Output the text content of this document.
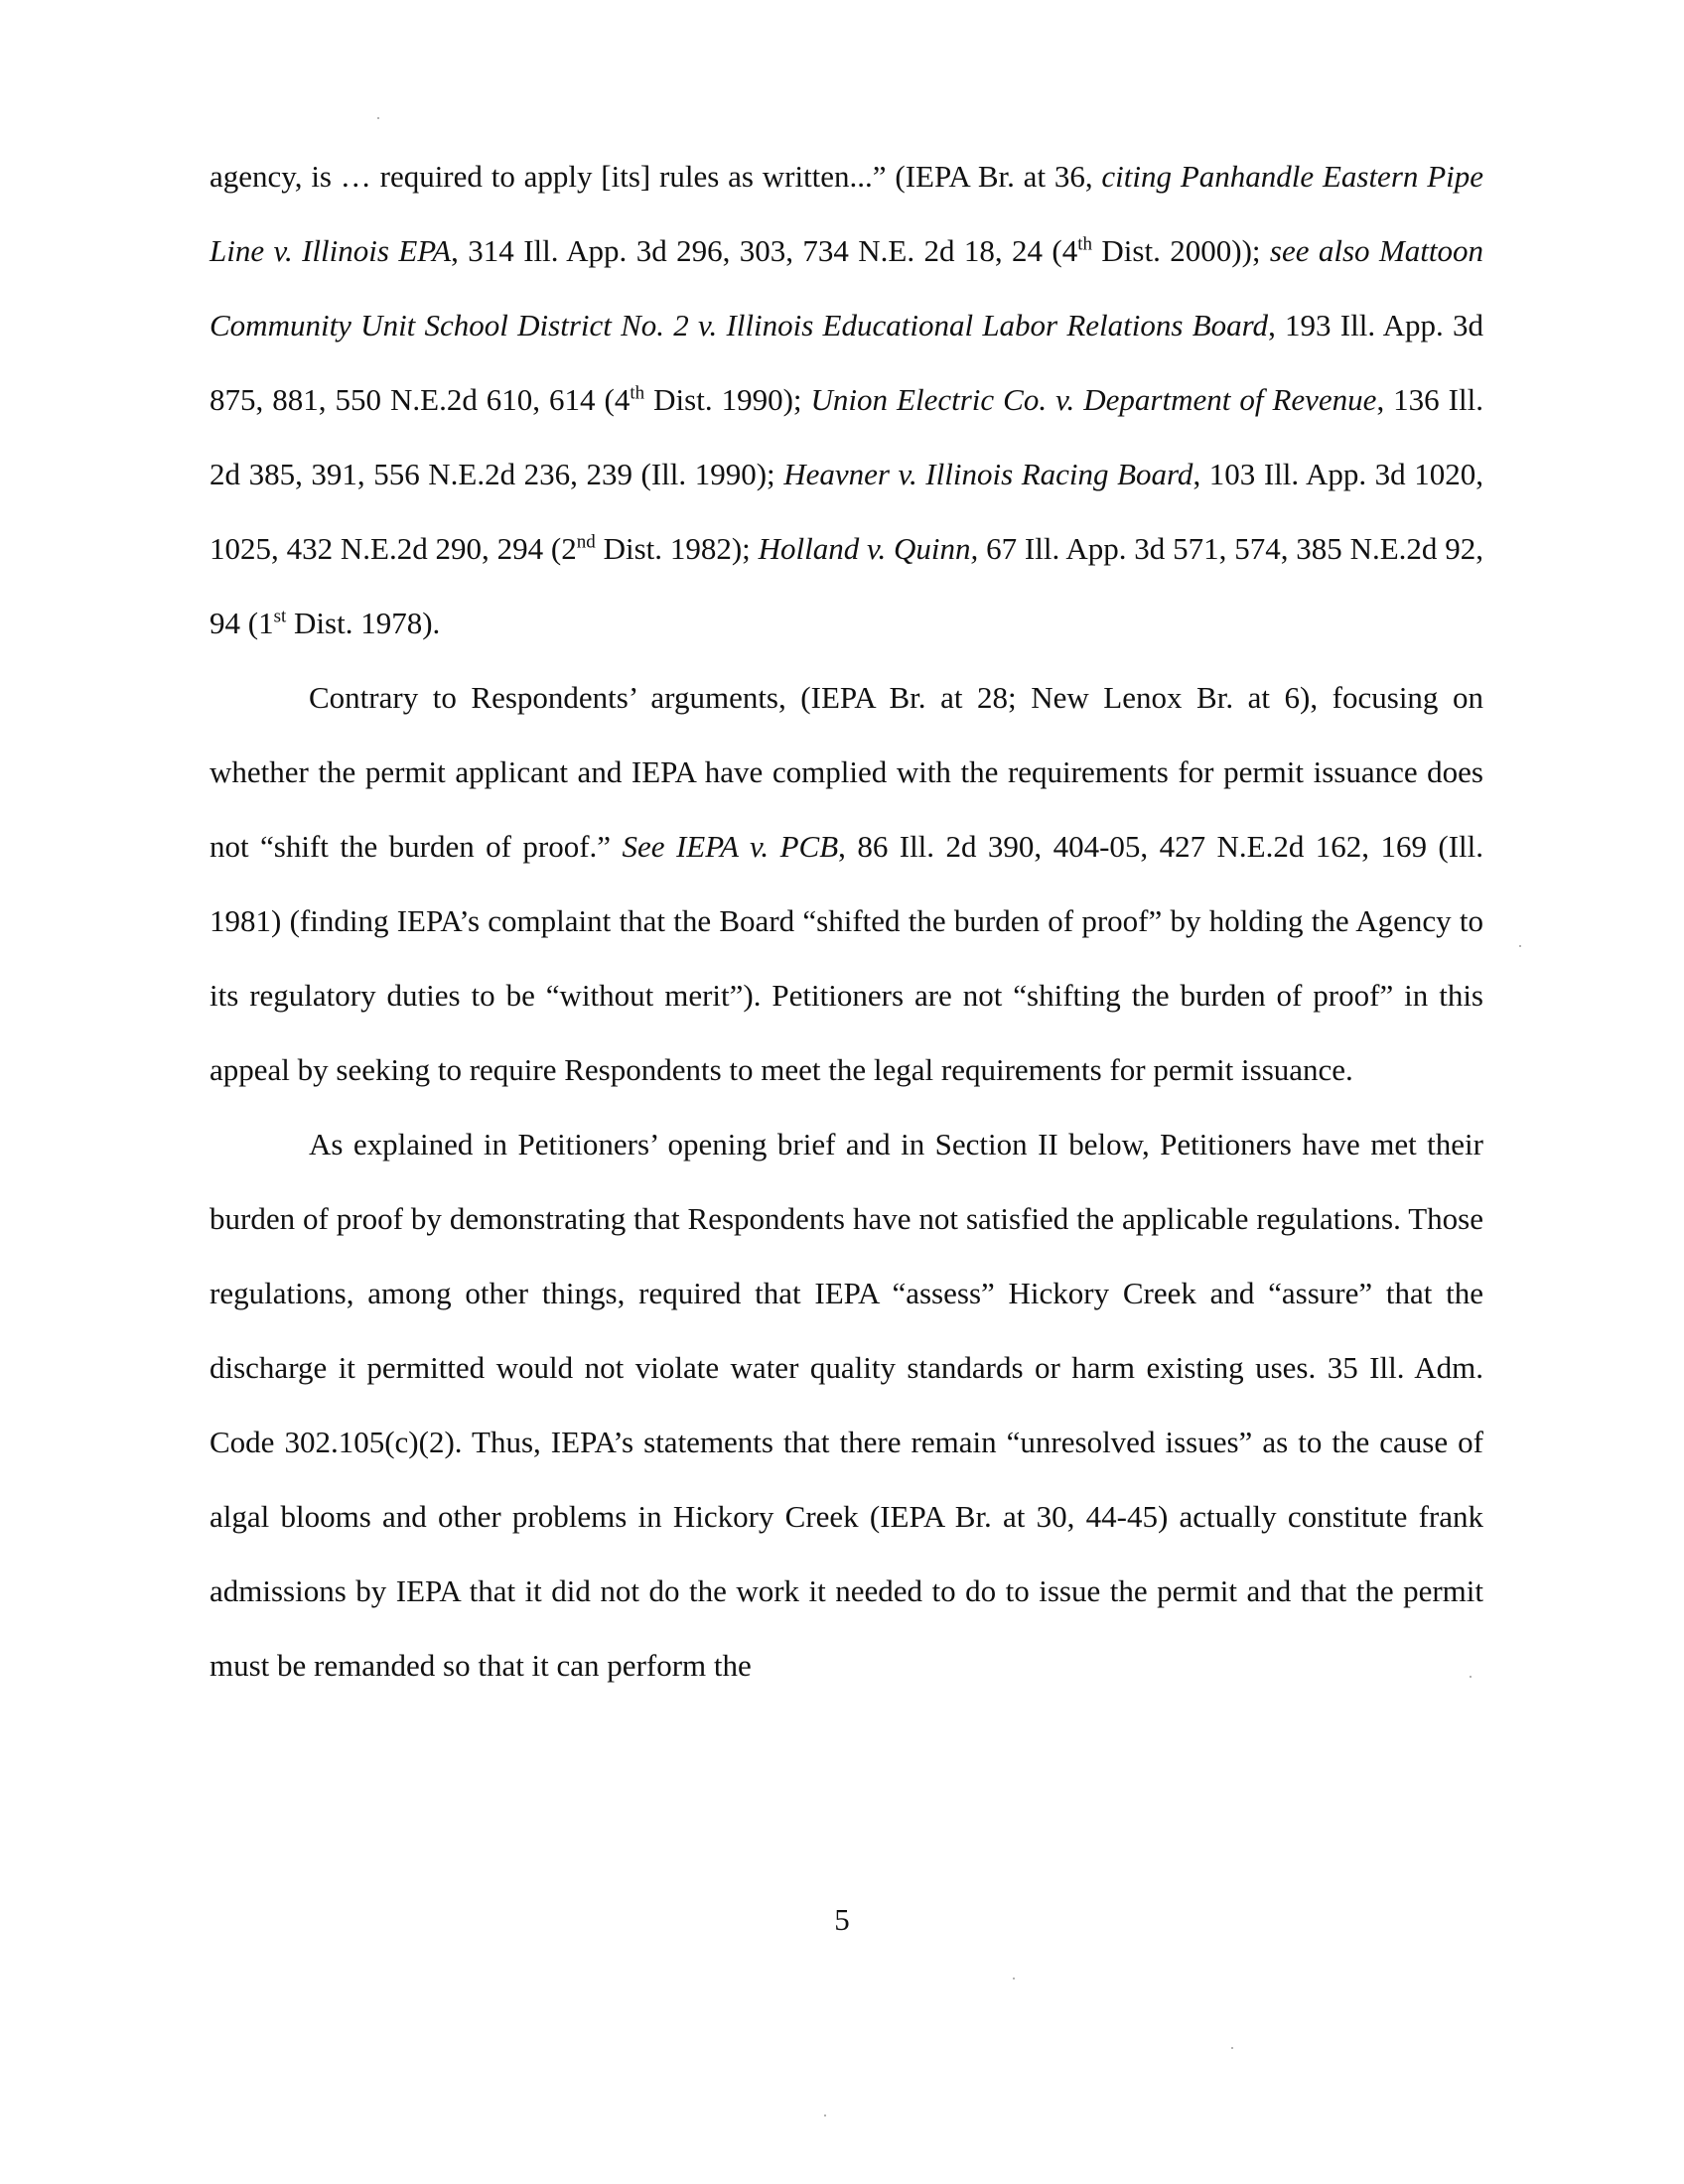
agency, is … required to apply [its] rules as written...” (IEPA Br. at 36, citing Panhandle Eastern Pipe Line v. Illinois EPA, 314 Ill. App. 3d 296, 303, 734 N.E. 2d 18, 24 (4th Dist. 2000)); see also Mattoon Community Unit School District No. 2 v. Illinois Educational Labor Relations Board, 193 Ill. App. 3d 875, 881, 550 N.E.2d 610, 614 (4th Dist. 1990); Union Electric Co. v. Department of Revenue, 136 Ill. 2d 385, 391, 556 N.E.2d 236, 239 (Ill. 1990); Heavner v. Illinois Racing Board, 103 Ill. App. 3d 1020, 1025, 432 N.E.2d 290, 294 (2nd Dist. 1982); Holland v. Quinn, 67 Ill. App. 3d 571, 574, 385 N.E.2d 92, 94 (1st Dist. 1978).

Contrary to Respondents’ arguments, (IEPA Br. at 28; New Lenox Br. at 6), focusing on whether the permit applicant and IEPA have complied with the requirements for permit issuance does not “shift the burden of proof.” See IEPA v. PCB, 86 Ill. 2d 390, 404-05, 427 N.E.2d 162, 169 (Ill. 1981) (finding IEPA’s complaint that the Board “shifted the burden of proof” by holding the Agency to its regulatory duties to be “without merit”). Petitioners are not “shifting the burden of proof” in this appeal by seeking to require Respondents to meet the legal requirements for permit issuance.

As explained in Petitioners’ opening brief and in Section II below, Petitioners have met their burden of proof by demonstrating that Respondents have not satisfied the applicable regulations. Those regulations, among other things, required that IEPA “assess” Hickory Creek and “assure” that the discharge it permitted would not violate water quality standards or harm existing uses. 35 Ill. Adm. Code 302.105(c)(2). Thus, IEPA’s statements that there remain “unresolved issues” as to the cause of algal blooms and other problems in Hickory Creek (IEPA Br. at 30, 44-45) actually constitute frank admissions by IEPA that it did not do the work it needed to do to issue the permit and that the permit must be remanded so that it can perform the

5
